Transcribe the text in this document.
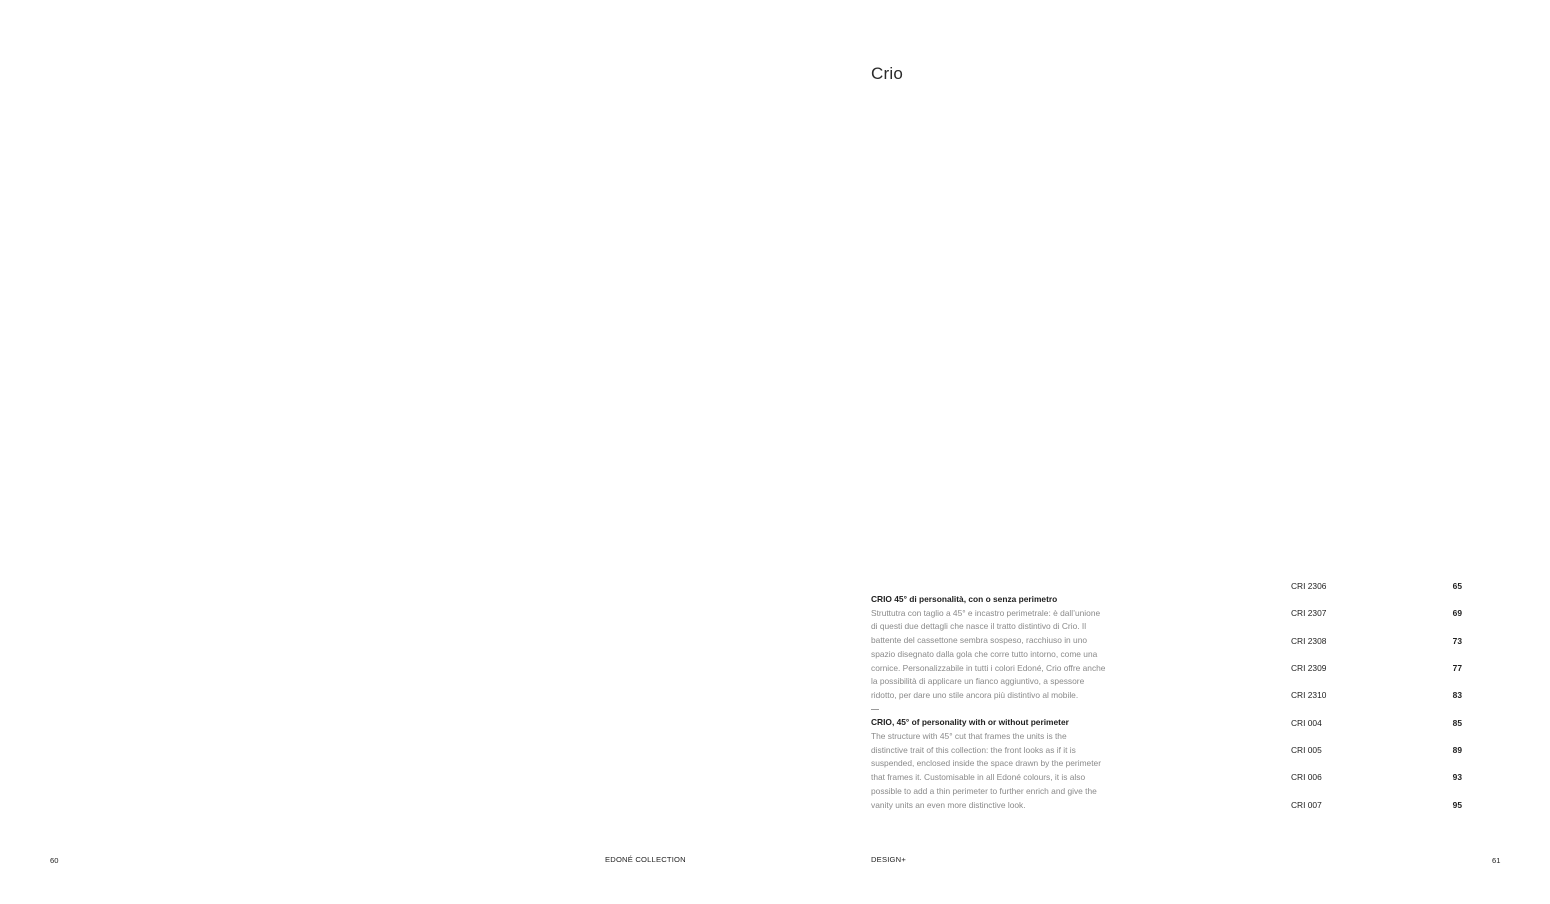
Crio
CRIO 45° di personalità, con o senza perimetro
Struttutra con taglio a 45° e incastro perimetrale: è dall’unione
di questi due dettagli che nasce il tratto distintivo di Crio. Il
battente del cassettone sembra sospeso, racchiuso in uno
spazio disegnato dalla gola che corre tutto intorno, come una
cornice. Personalizzabile in tutti i colori Edoné, Crio offre anche
la possibilità di applicare un fianco aggiuntivo, a spessore
ridotto, per dare uno stile ancora più distintivo al mobile.
CRIO, 45° of personality with or without perimeter
The structure with 45° cut that frames the units is the
distinctive trait of this collection: the front looks as if it is
suspended, enclosed inside the space drawn by the perimeter
that frames it. Customisable in all Edoné colours, it is also
possible to add a thin perimeter to further enrich and give the
vanity units an even more distinctive look.
CRI 2306	65
CRI 2307	69
CRI 2308	73
CRI 2309	77
CRI 2310	83
CRI 004	85
CRI 005	89
CRI 006	93
CRI 007	95
60	EDONÉ COLLECTION	DESIGN+	61
